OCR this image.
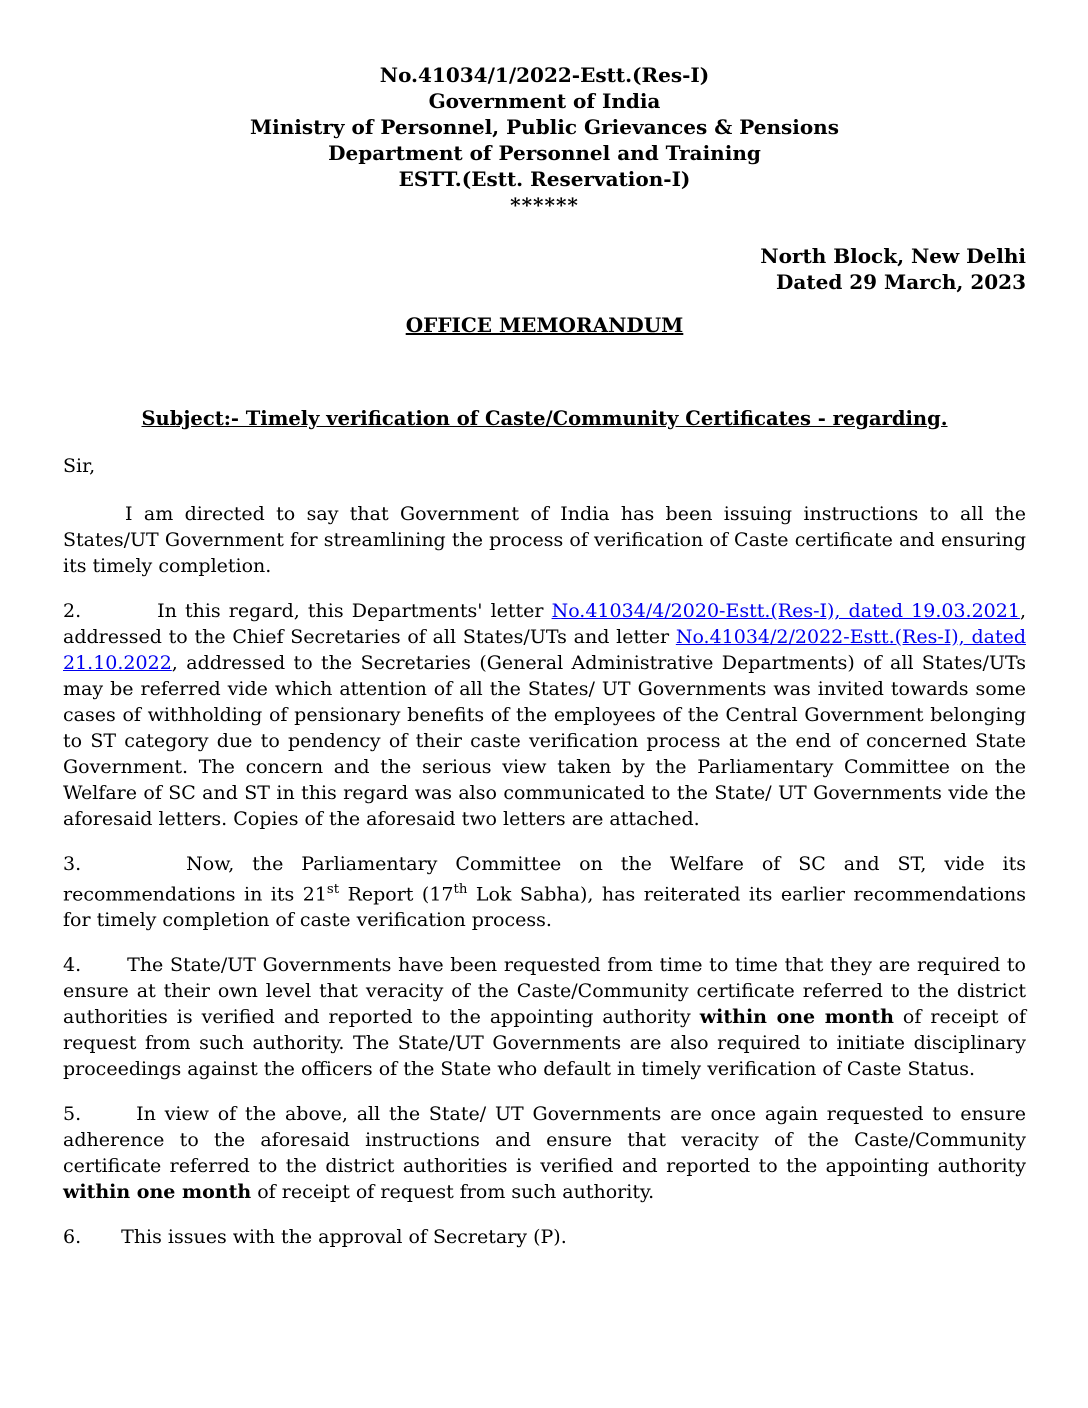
No.41034/1/2022-Estt.(Res-I)
Government of India
Ministry of Personnel, Public Grievances & Pensions
Department of Personnel and Training
ESTT.(Estt. Reservation-I)
******
North Block, New Delhi
Dated 29 March, 2023
OFFICE MEMORANDUM
Subject:- Timely verification of Caste/Community Certificates - regarding.
Sir,

I am directed to say that Government of India has been issuing instructions to all the States/UT Government for streamlining the process of verification of Caste certificate and ensuring its timely completion.

2.	In this regard, this Departments' letter No.41034/4/2020-Estt.(Res-I), dated 19.03.2021, addressed to the Chief Secretaries of all States/UTs and letter No.41034/2/2022-Estt.(Res-I), dated 21.10.2022, addressed to the Secretaries (General Administrative Departments) of all States/UTs may be referred vide which attention of all the States/ UT Governments was invited towards some cases of withholding of pensionary benefits of the employees of the Central Government belonging to ST category due to pendency of their caste verification process at the end of concerned State Government. The concern and the serious view taken by the Parliamentary Committee on the Welfare of SC and ST in this regard was also communicated to the State/ UT Governments vide the aforesaid letters. Copies of the aforesaid two letters are attached.

3.	Now, the Parliamentary Committee on the Welfare of SC and ST, vide its recommendations in its 21st Report (17th Lok Sabha), has reiterated its earlier recommendations for timely completion of caste verification process.

4. The State/UT Governments have been requested from time to time that they are required to ensure at their own level that veracity of the Caste/Community certificate referred to the district authorities is verified and reported to the appointing authority within one month of receipt of request from such authority. The State/UT Governments are also required to initiate disciplinary proceedings against the officers of the State who default in timely verification of Caste Status.

5.	In view of the above, all the State/ UT Governments are once again requested to ensure adherence to the aforesaid instructions and ensure that veracity of the Caste/Community certificate referred to the district authorities is verified and reported to the appointing authority within one month of receipt of request from such authority.

6. This issues with the approval of Secretary (P).
